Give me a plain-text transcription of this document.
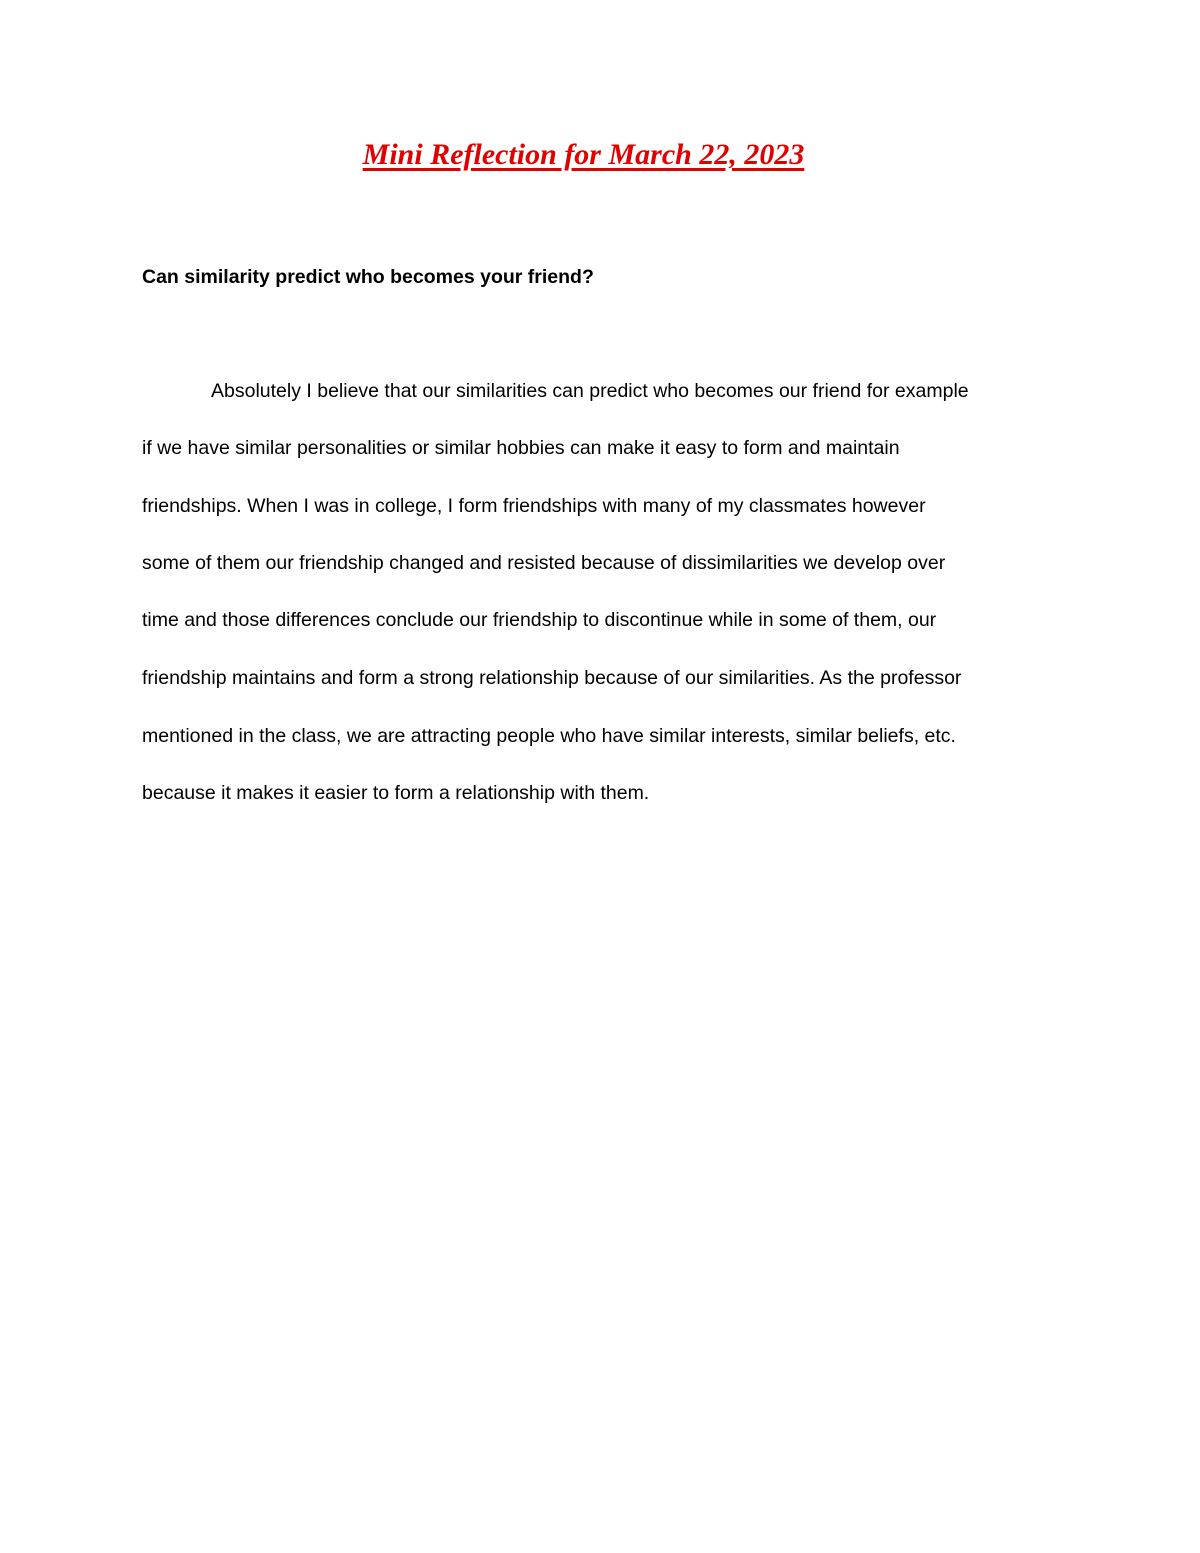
Mini Reflection for March 22, 2023

Can similarity predict who becomes your friend?

Absolutely I believe that our similarities can predict who becomes our friend for example

if we have similar personalities or similar hobbies can make it easy to form and maintain

friendships. When I was in college, I form friendships with many of my classmates however

some of them our friendship changed and resisted because of dissimilarities we develop over

time and those differences conclude our friendship to discontinue while in some of them, our

friendship maintains and form a strong relationship because of our similarities. As the professor

mentioned in the class, we are attracting people who have similar interests, similar beliefs, etc.

because it makes it easier to form a relationship with them.
